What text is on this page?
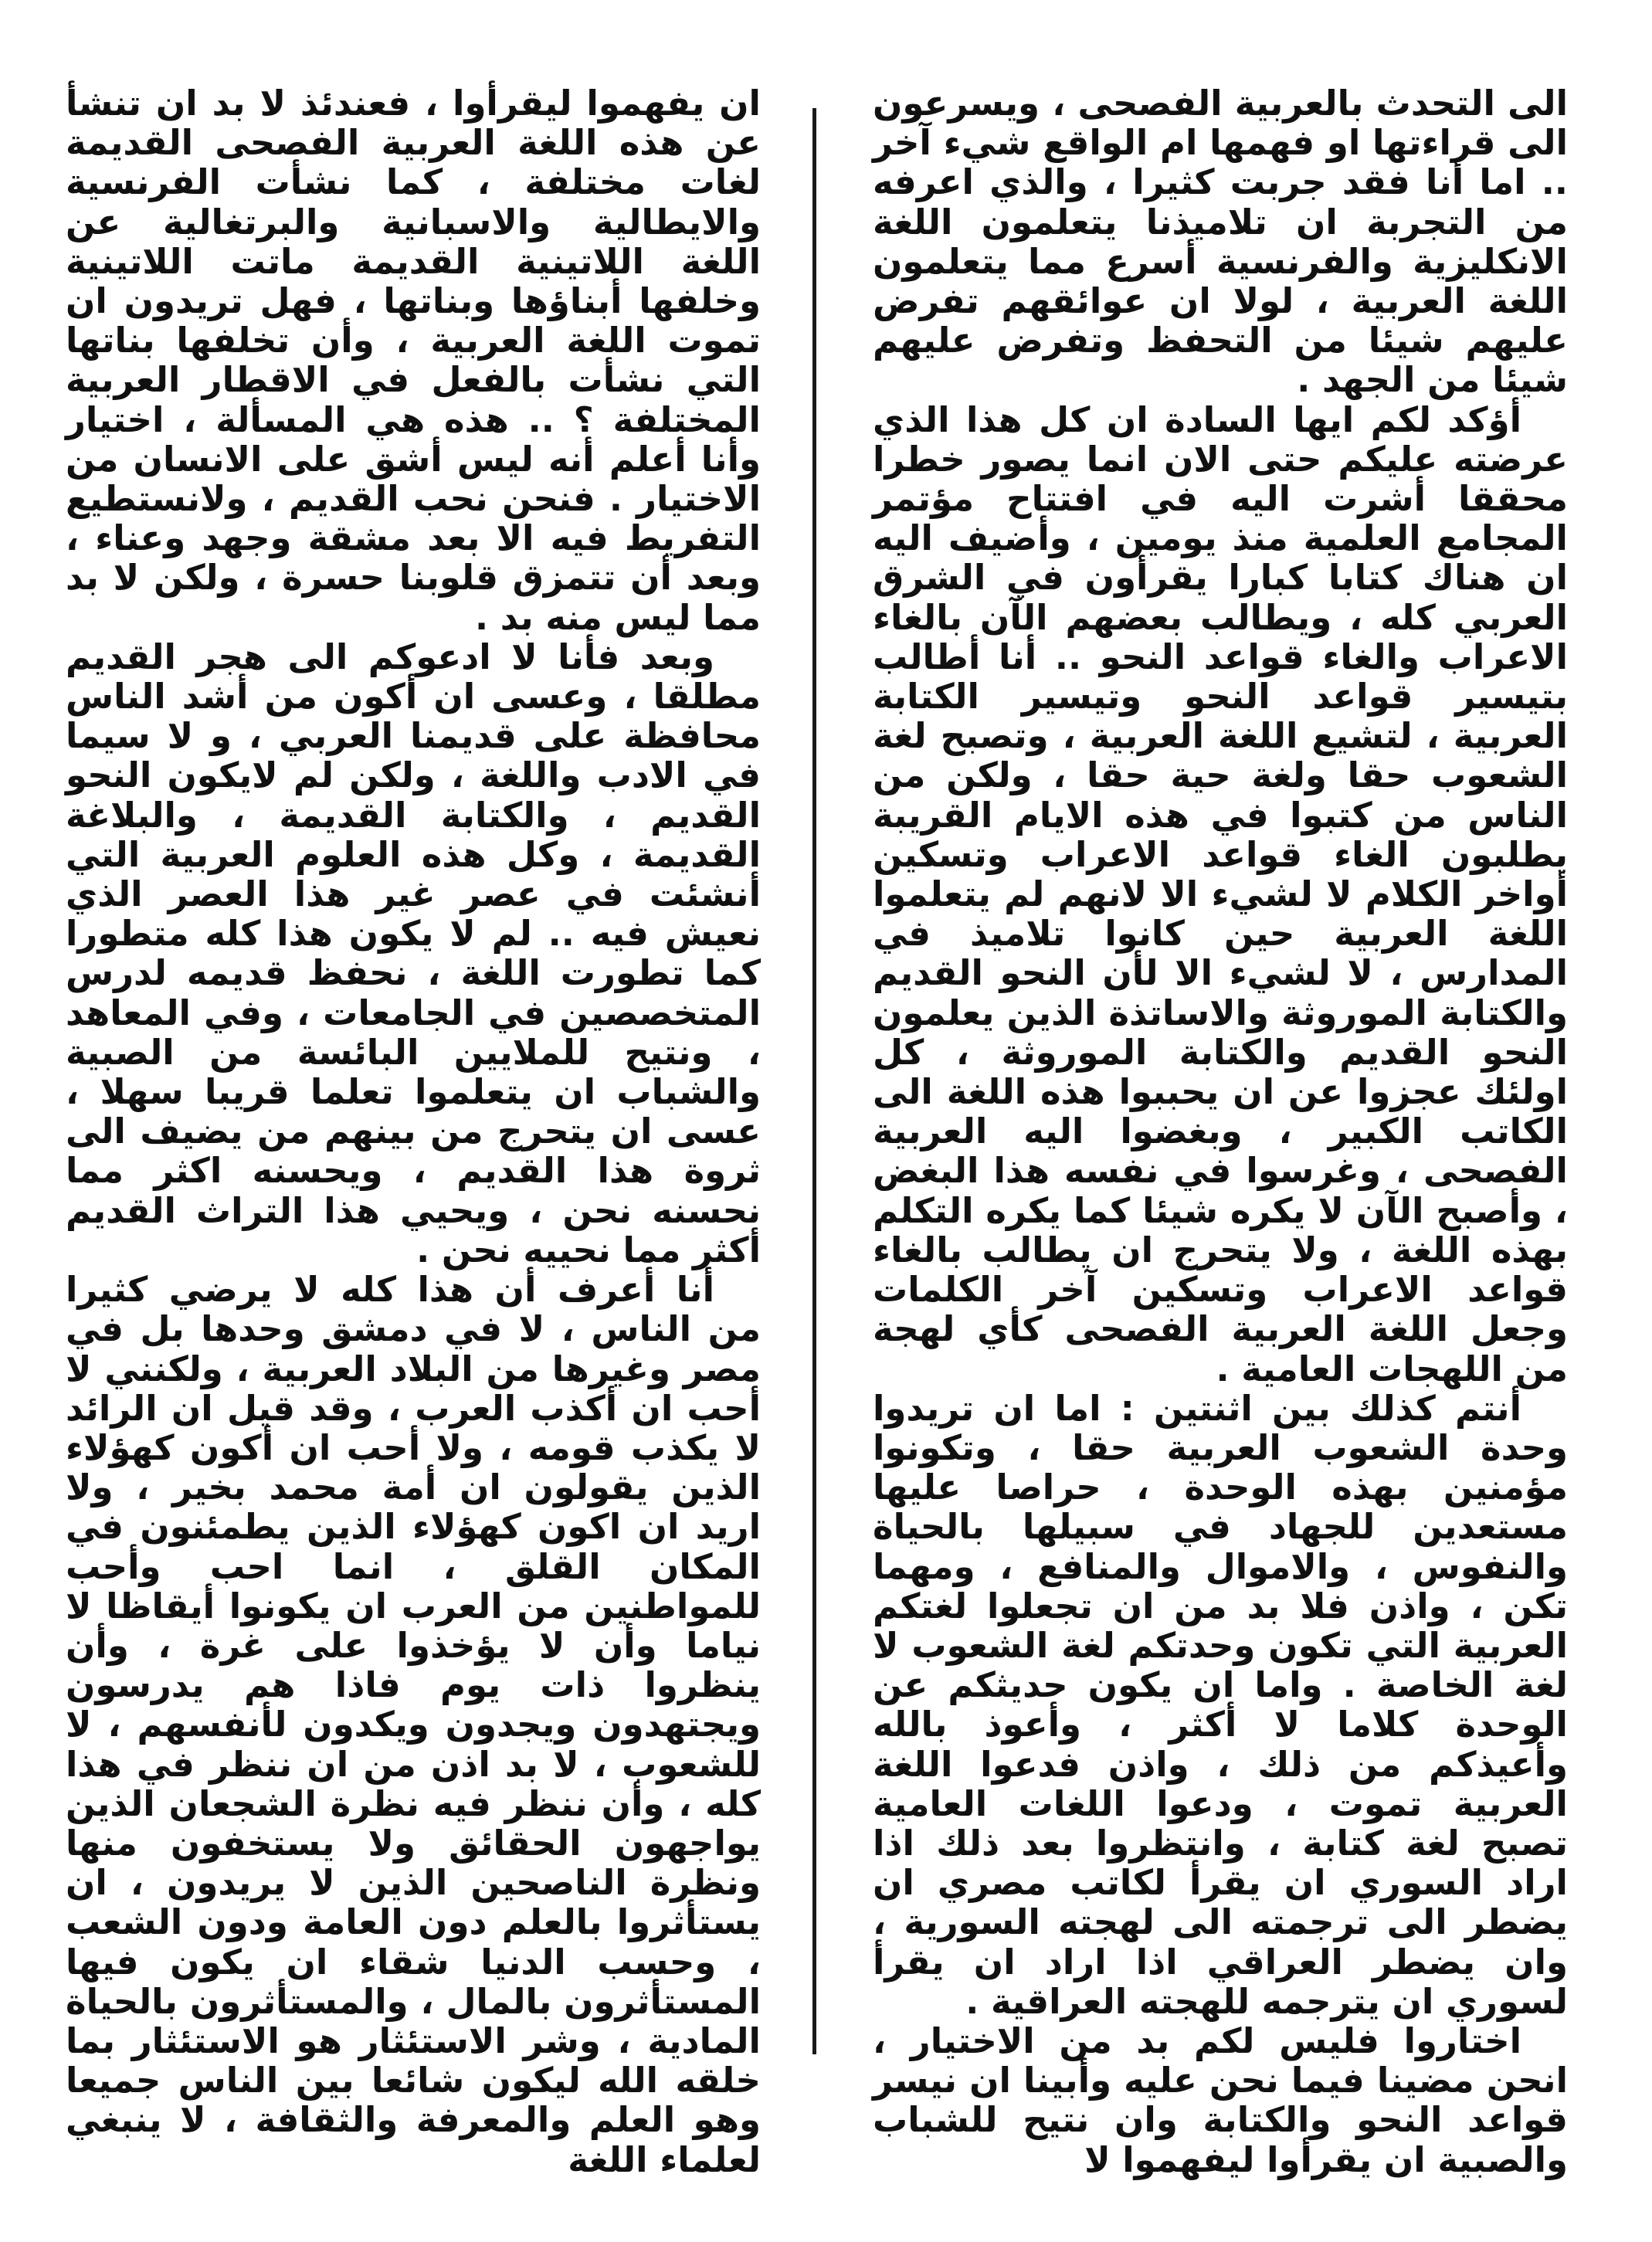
الى التحدث بالعربية الفصحى ، ويسرعون الى قراءتها او فهمها ام الواقع شيء آخر .. اما أنا فقد جربت كثيرا ، والذي اعرفه من التجربة ان تلاميذنا يتعلمون اللغة الانكليزية والفرنسية أسرع مما يتعلمون اللغة العربية ، لولا ان عوائقهم تفرض عليهم شيئا من التحفظ وتفرض عليهم شيئا من الجهد .

أؤكد لكم ايها السادة ان كل هذا الذي عرضته عليكم حتى الان انما يصور خطرا محققا أشرت اليه في افتتاح مؤتمر المجامع العلمية منذ يومين ، وأضيف اليه ان هناك كتابا كبارا يقرأون في الشرق العربي كله ، ويطالب بعضهم الآن بالغاء الاعراب والغاء قواعد النحو .. أنا أطالب بتيسير قواعد النحو وتيسير الكتابة العربية ، لتشيع اللغة العربية ، وتصبح لغة الشعوب حقا ولغة حية حقا ، ولكن من الناس من كتبوا في هذه الايام القريبة يطلبون الغاء قواعد الاعراب وتسكين أواخر الكلام لا لشيء الا لانهم لم يتعلموا اللغة العربية حين كانوا تلاميذ في المدارس ، لا لشيء الا لأن النحو القديم والكتابة الموروثة والاساتذة الذين يعلمون النحو القديم والكتابة الموروثة ، كل اولئك عجزوا عن ان يحببوا هذه اللغة الى الكاتب الكبير ، وبغضوا اليه العربية الفصحى ، وغرسوا في نفسه هذا البغض ، وأصبح الآن لا يكره شيئا كما يكره التكلم بهذه اللغة ، ولا يتحرج ان يطالب بالغاء قواعد الاعراب وتسكين آخر الكلمات وجعل اللغة العربية الفصحى كأي لهجة من اللهجات العامية .

أنتم كذلك بين اثنتين : اما ان تريدوا وحدة الشعوب العربية حقا ، وتكونوا مؤمنين بهذه الوحدة ، حراصا عليها مستعدين للجهاد في سبيلها بالحياة والنفوس ، والاموال والمنافع ، ومهما تكن ، واذن فلا بد من ان تجعلوا لغتكم العربية التي تكون وحدتكم لغة الشعوب لا لغة الخاصة . واما ان يكون حديثكم عن الوحدة كلاما لا أكثر ، وأعوذ بالله وأعيذكم من ذلك ، واذن فدعوا اللغة العربية تموت ، ودعوا اللغات العامية تصبح لغة كتابة ، وانتظروا بعد ذلك اذا اراد السوري ان يقرأ لكاتب مصري ان يضطر الى ترجمته الى لهجته السورية ، وان يضطر العراقي اذا اراد ان يقرأ لسوري ان يترجمه للهجته العراقية .

اختاروا فليس لكم بد من الاختيار ، انحن مضينا فيما نحن عليه وأبينا ان نيسر قواعد النحو والكتابة وان نتيح للشباب والصبية ان يقرأوا ليفهموا لا

ان يفهموا ليقرأوا ، فعندئذ لا بد ان تنشأ عن هذه اللغة العربية الفصحى القديمة لغات مختلفة ، كما نشأت الفرنسية والايطالية والاسبانية والبرتغالية عن اللغة اللاتينية القديمة ماتت اللاتينية وخلفها أبناؤها وبناتها ، فهل تريدون ان تموت اللغة العربية ، وأن تخلفها بناتها التي نشأت بالفعل في الاقطار العربية المختلفة ؟ .. هذه هي المسألة ، اختيار وأنا أعلم أنه ليس أشق على الانسان من الاختيار . فنحن نحب القديم ، ولانستطيع التفريط فيه الا بعد مشقة وجهد وعناء ، وبعد أن تتمزق قلوبنا حسرة ، ولكن لا بد مما ليس منه بد .

وبعد فأنا لا ادعوكم الى هجر القديم مطلقا ، وعسى ان أكون من أشد الناس محافظة على قديمنا العربي ، و لا سيما في الادب واللغة ، ولكن لم لايكون النحو القديم ، والكتابة القديمة ، والبلاغة القديمة ، وكل هذه العلوم العربية التي أنشئت في عصر غير هذا العصر الذي نعيش فيه .. لم لا يكون هذا كله متطورا كما تطورت اللغة ، نحفظ قديمه لدرس المتخصصين في الجامعات ، وفي المعاهد ، ونتيح للملايين البائسة من الصبية والشباب ان يتعلموا تعلما قريبا سهلا ، عسى ان يتحرج من بينهم من يضيف الى ثروة هذا القديم ، ويحسنه اكثر مما نحسنه نحن ، ويحيي هذا التراث القديم أكثر مما نحييه نحن .

أنا أعرف أن هذا كله لا يرضي كثيرا من الناس ، لا في دمشق وحدها بل في مصر وغيرها من البلاد العربية ، ولكنني لا أحب ان أكذب العرب ، وقد قيل ان الرائد لا يكذب قومه ، ولا أحب ان أكون كهؤلاء الذين يقولون ان أمة محمد بخير ، ولا اريد ان اكون كهؤلاء الذين يطمئنون في المكان القلق ، انما احب وأحب للمواطنين من العرب ان يكونوا أيقاظا لا نياما وأن لا يؤخذوا على غرة ، وأن ينظروا ذات يوم فاذا هم يدرسون ويجتهدون ويجدون ويكدون لأنفسهم ، لا للشعوب ، لا بد اذن من ان ننظر في هذا كله ، وأن ننظر فيه نظرة الشجعان الذين يواجهون الحقائق ولا يستخفون منها ونظرة الناصحين الذين لا يريدون ، ان يستأثروا بالعلم دون العامة ودون الشعب ، وحسب الدنيا شقاء ان يكون فيها المستأثرون بالمال ، والمستأثرون بالحياة المادية ، وشر الاستئثار هو الاستئثار بما خلقه الله ليكون شائعا بين الناس جميعا وهو العلم والمعرفة والثقافة ، لا ينبغي لعلماء اللغة
